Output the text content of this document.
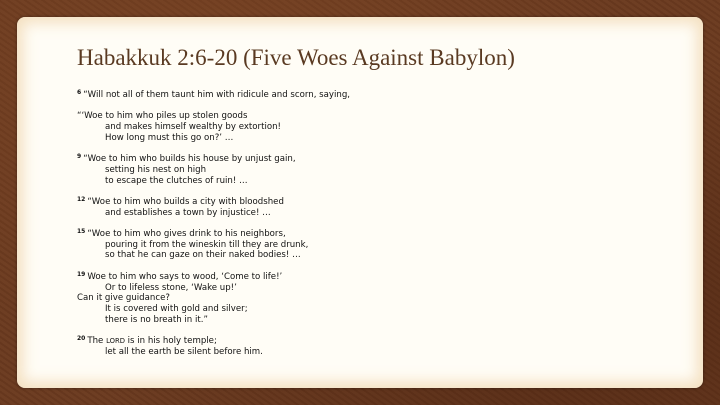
Habakkuk 2:6-20 (Five Woes Against Babylon)
$^6$ “Will not all of them taunt him with ridicule and scorn, saying,
“‘Woe to him who piles up stolen goods
and makes himself wealthy by extortion!
How long must this go on?’ …
$^9$ “Woe to him who builds his house by unjust gain,
setting his nest on high
to escape the clutches of ruin! …
$^{12}$ “Woe to him who builds a city with bloodshed
and establishes a town by injustice! …
$^{15}$ “Woe to him who gives drink to his neighbors,
pouring it from the wineskin till they are drunk,
so that he can gaze on their naked bodies! …
$^{19}$ Woe to him who says to wood, ‘Come to life!’
Or to lifeless stone, ‘Wake up!’
Can it give guidance?
It is covered with gold and silver;
there is no breath in it.”
$^{20}$ The LORD is in his holy temple;
let all the earth be silent before him.
